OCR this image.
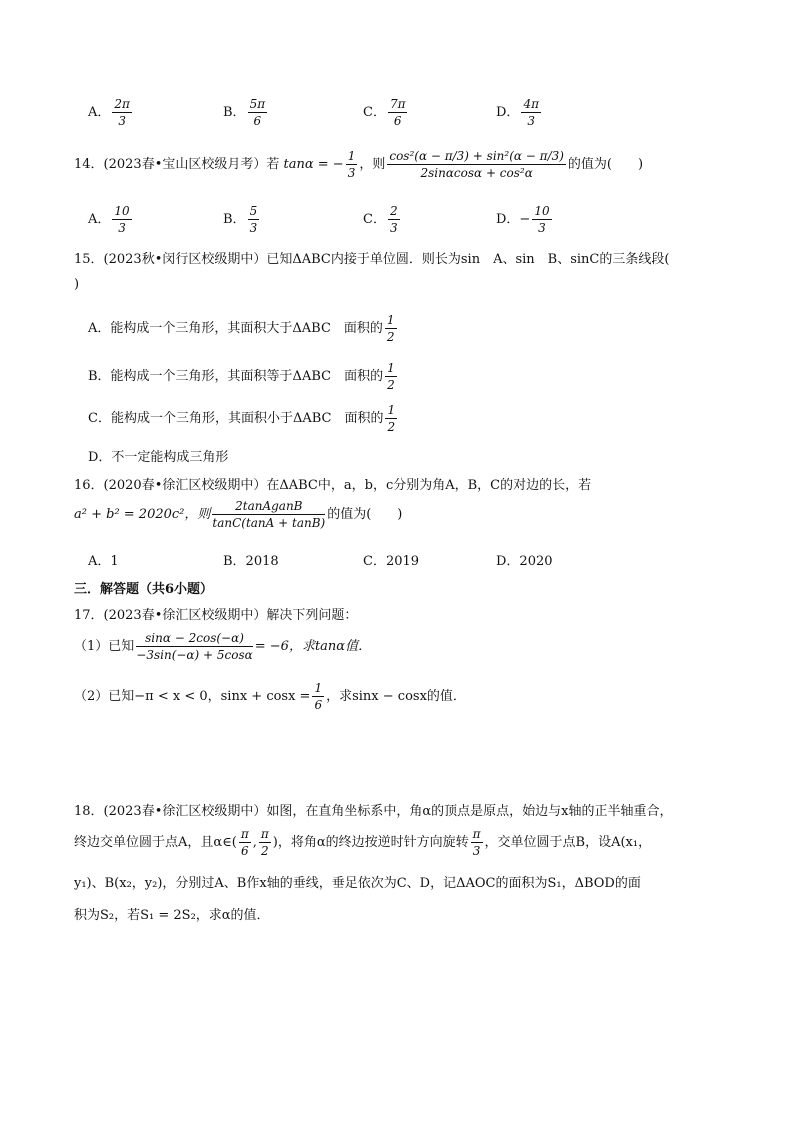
A． $\frac{2\pi}{3}$	B． $\frac{5\pi}{6}$	C． $\frac{7\pi}{6}$	D． $\frac{4\pi}{3}$
14．(2023春•宝山区校级月考）若 tanα = − $\frac{1}{3}$ ，则 $\frac{\text{cos²(α − π/3) + sin²(α − π/3)}}{\text{2sinαcosα + cos²α}}$ 的值为(　　)
A． $\frac{10}{3}$	B． $\frac{5}{3}$	C． $\frac{2}{3}$	D．− $\frac{10}{3}$
15．(2023秋•闵行区校级期中）已知ΔABC内接于单位圆．则长为sin　A、sin　B、sinC的三条线段(
)
A．能构成一个三角形，其面积大于ΔABC　面积的 $\frac{1}{2}$
B．能构成一个三角形，其面积等于ΔABC　面积的 $\frac{1}{2}$
C．能构成一个三角形，其面积小于ΔABC　面积的 $\frac{1}{2}$
D．不一定能构成三角形
16．(2020春•徐汇区校级期中）在ΔABC中，a，b，c分别为角A，B，C的对边的长，若
a² + b² = 2020c²，则 $\frac{\text{2tanAganB}}{\tan C(\tan A + \tan B)}$ 的值为(　　)
A．1	B．2018	C．2019	D．2020
三．解答题（共6小题）
17．(2023春•徐汇区校级期中）解决下列问题：
（1）已知 $\frac{\sin\alpha - 2\cos(-\alpha)}{-3\sin(-\alpha) + 5\cos\alpha} = -6$，求tanα值．
（2）已知−π < x < 0，$\sin x + \cos x = \frac{1}{6}$ ，求sinx − cosx的值．
18．(2023春•徐汇区校级期中）如图，在直角坐标系中，角α的顶点是原点，始边与x轴的正半轴重合，
终边交单位圆于点A，且α∈( $\frac{\pi}{6}$ , $\frac{\pi}{2}$ )，将角α的终边按逆时针方向旋转 $\frac{\pi}{3}$ ，交单位圆于点B，设A(x₁，
y₁)、B(x₂，y₂)，分别过A、B作x轴的垂线，垂足依次为C、D，记ΔAOC的面积为S₁，ΔBOD的面
积为S₂，若S₁ = 2S₂，求α的值．
